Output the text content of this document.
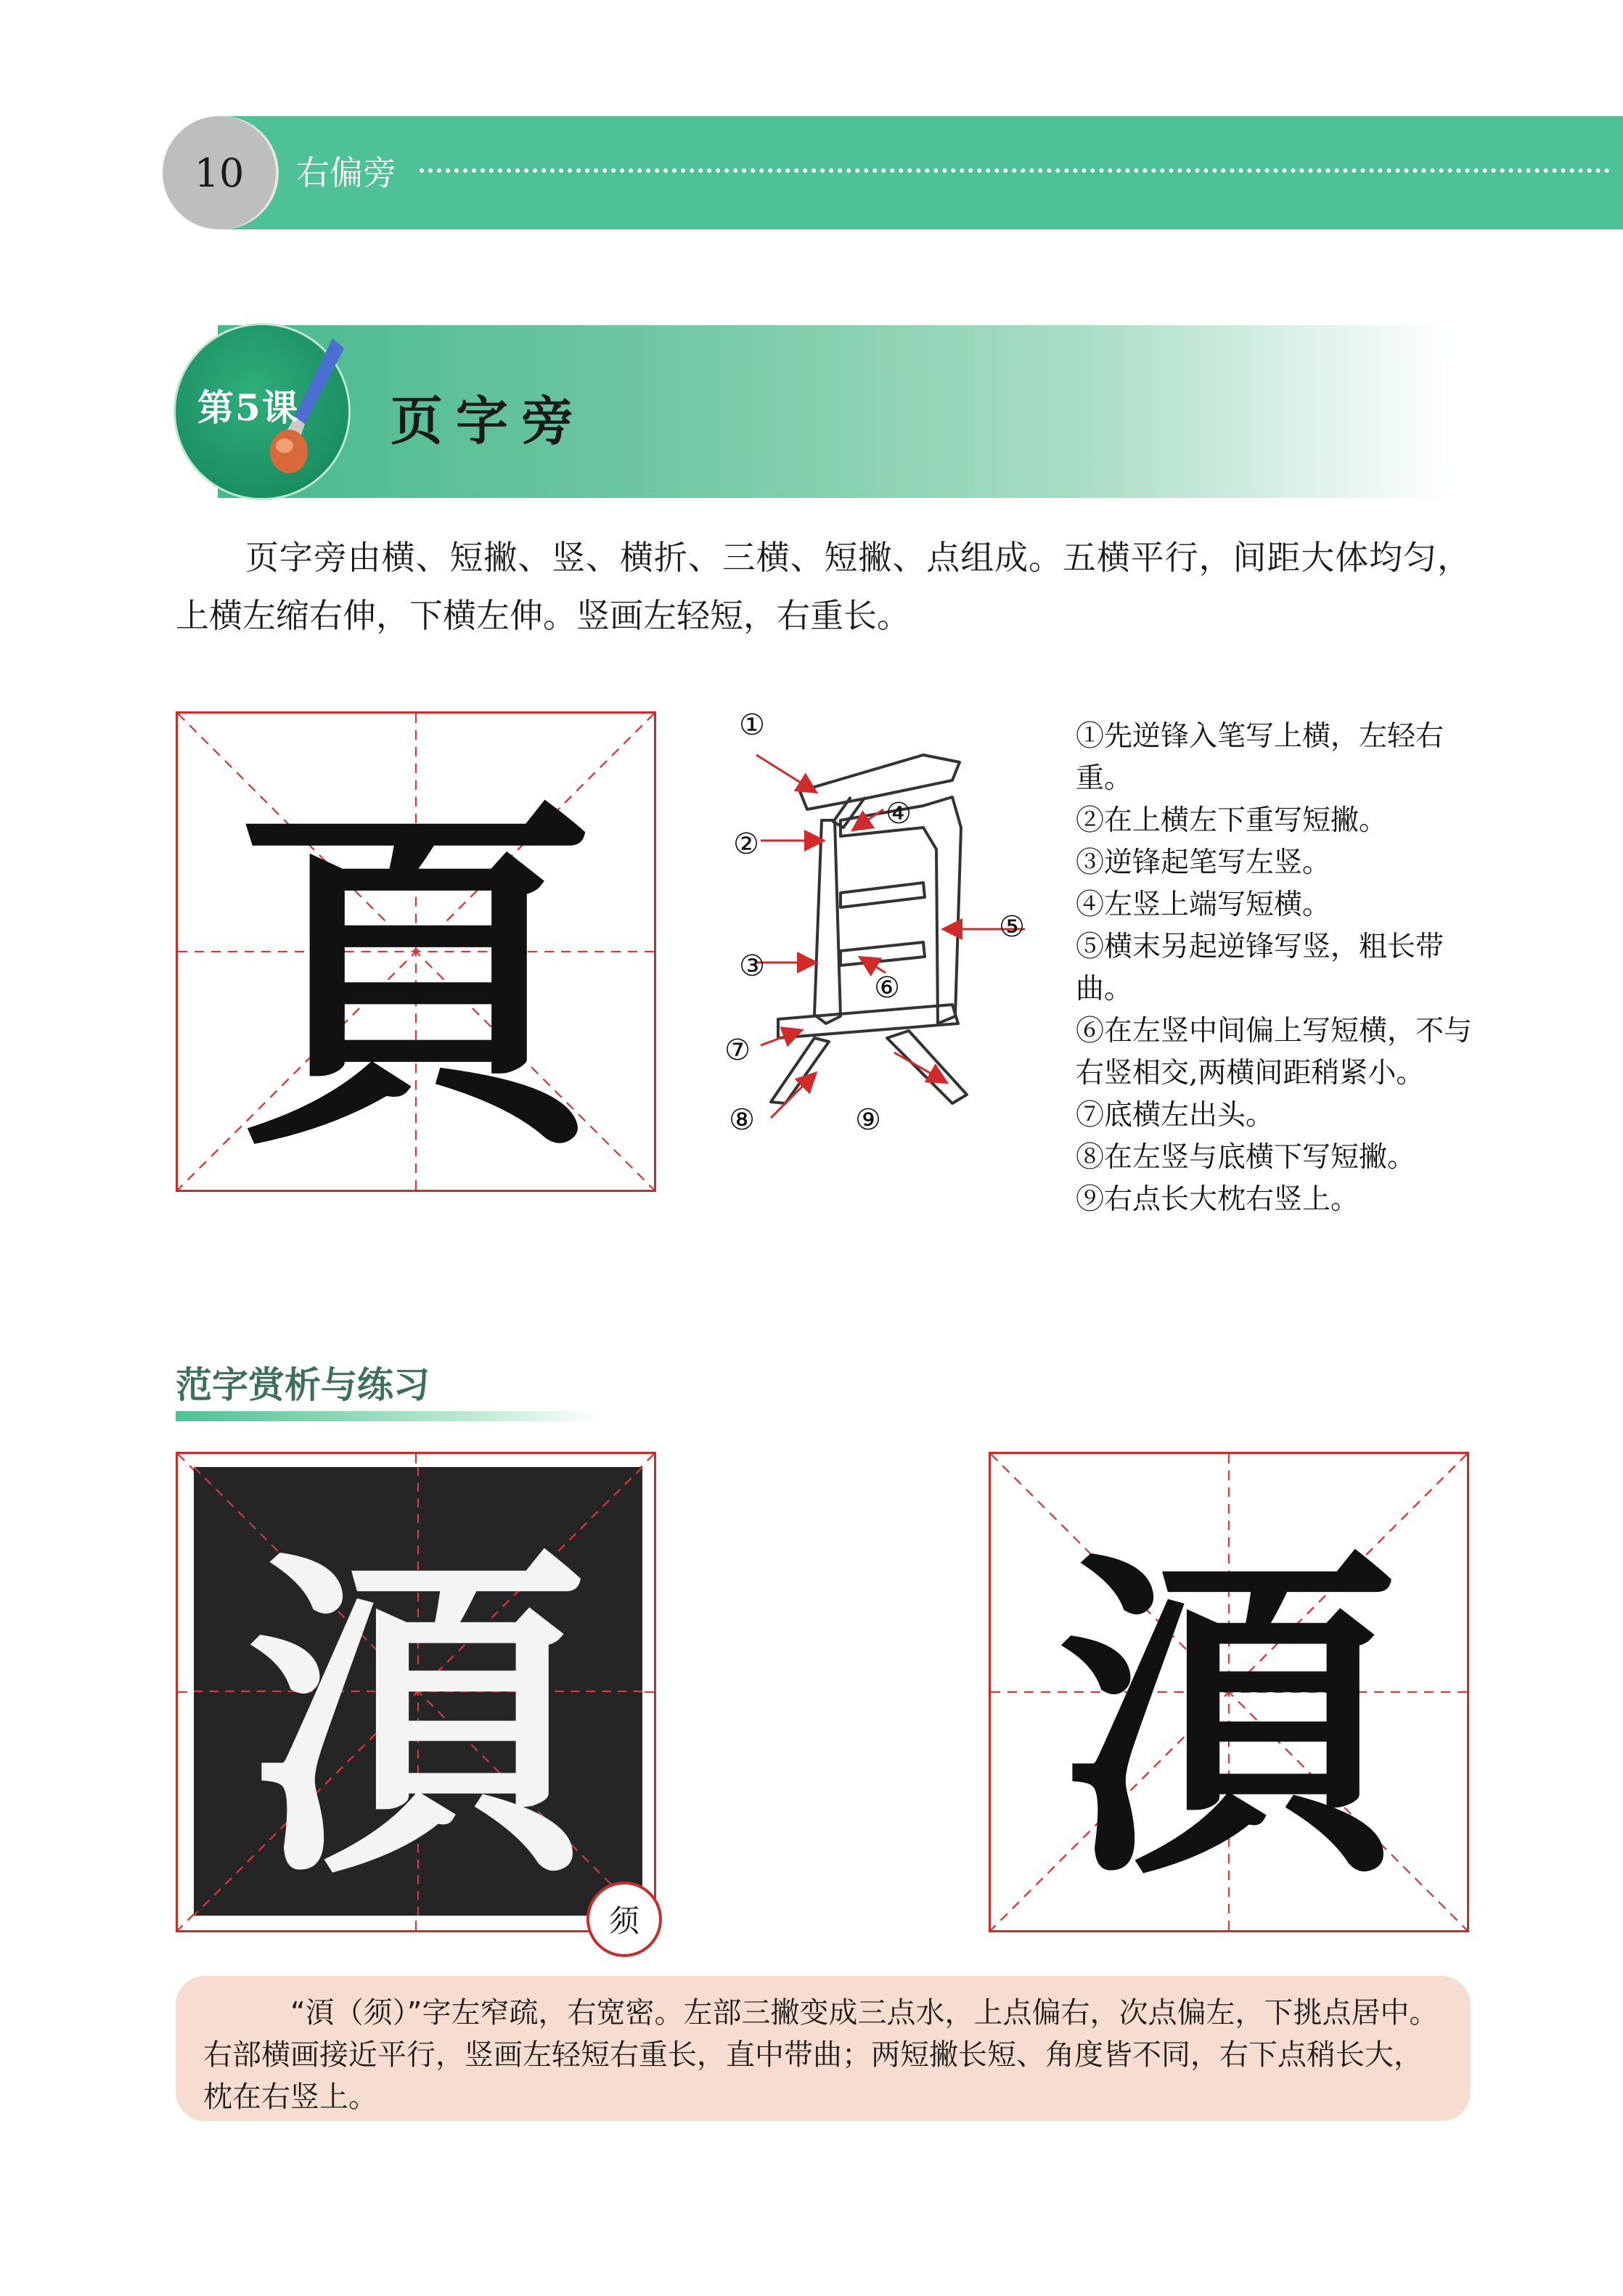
10	右偏旁
第5课 页字旁
页字旁由横、短撇、竖、横折、三横、短撇、点组成。五横平行，间距大体均匀，上横左缩右伸，下横左伸。竖画左轻短，右重长。
頁
①
②
③
④
⑤
⑥
⑦
⑧	⑨
①先逆锋入笔写上横，左轻右重。
②在上横左下重写短撇。
③逆锋起笔写左竖。
④左竖上端写短横。
⑤横末另起逆锋写竖，粗长带曲。
⑥在左竖中间偏上写短横，不与右竖相交,两横间距稍紧小。
⑦底横左出头。
⑧在左竖与底横下写短撇。
⑨右点长大枕右竖上。
范字赏析与练习
湏
须
湏
“湏（须）”字左窄疏，右宽密。左部三撇变成三点水，上点偏右，次点偏左，下挑点居中。右部横画接近平行，竖画左轻短右重长，直中带曲；两短撇长短、角度皆不同，右下点稍长大，枕在右竖上。
